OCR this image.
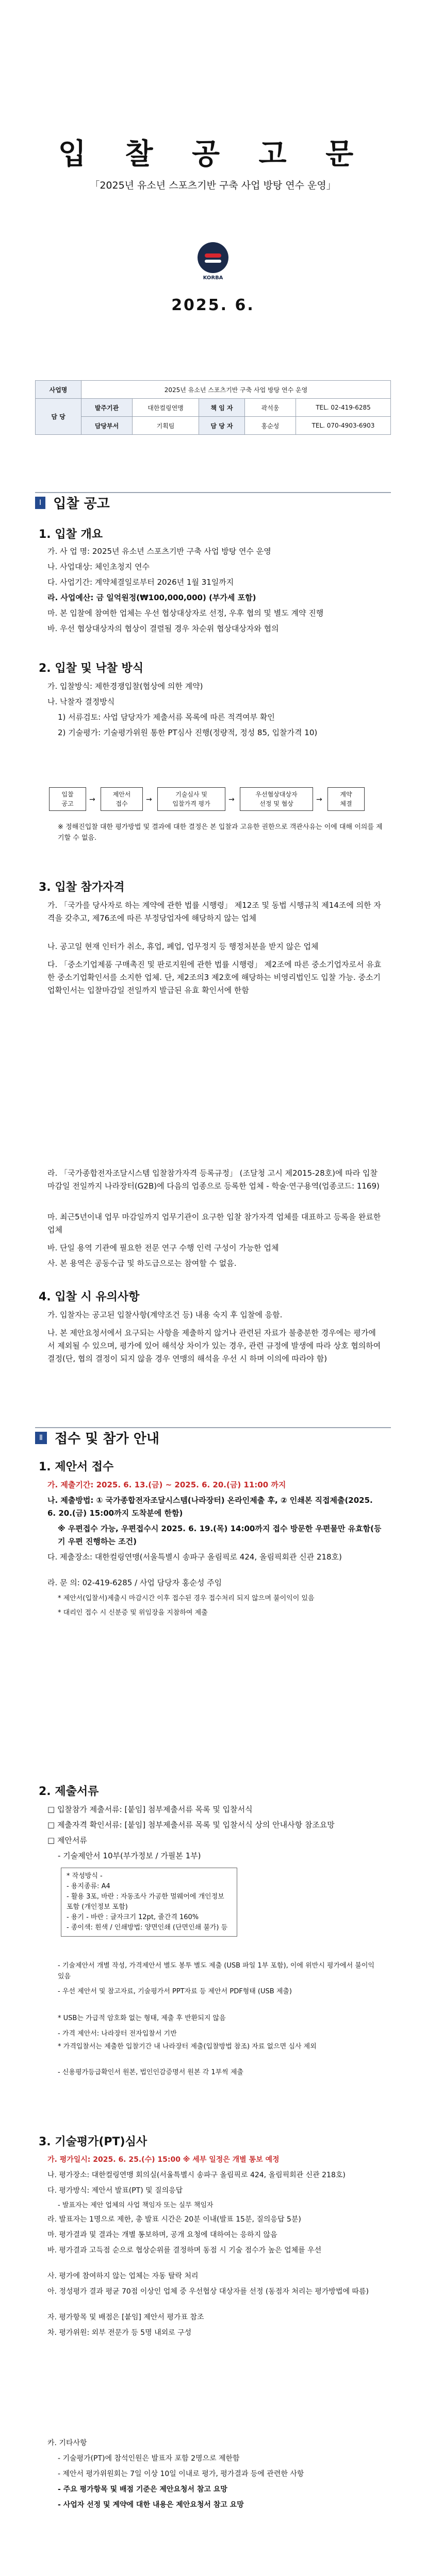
입 찰 공 고 문
「2025년 유소년 스포츠기반 구축 사업 방탕 연수 운영」
KORBA
2025. 6.
사업명	2025년 유소년 스포츠기반 구축 사업 방탕 연수 운영				
담 당	발주기관	대한컬링연맹	책 임 자	곽석웅	TEL. 02-419-6285
	담당부서	기획팀	담 당 자	홍순성	TEL. 070-4903-6903
Ⅰ 입찰 공고
1. 입찰 개요
가. 사 업 명: 2025년 유소년 스포츠기반 구축 사업 방탕 연수 운영
나. 사업대상: 체인초청지 연수
다. 사업기간: 계약체결일로부터 2026년 1월 31일까지
라. 사업예산: 금 일억원정(₩100,000,000) (부가세 포함)
마. 본 입찰에 참여한 업체는 우선 협상대상자로 선정, 우후 협의 및 별도 계약 진행
바. 우선 협상대상자의 협상이 결렬될 경우 차순위 협상대상자와 협의
2. 입찰 및 낙찰 방식
가. 입찰방식: 제한경쟁입찰(협상에 의한 계약)
나. 낙찰자 결정방식
1) 서류검토: 사업 담당자가 제출서류 목록에 따른 적격여부 확인
2) 기술평가: 기술평가위원 통한 PT심사 진행(정량적, 정성 85, 입찰가격 10)
입찰
공고	→
제안서
접수	→
기술심사 및
입찰가격 평가	→
우선협상대상자
선정 및 협상	→
계약
체결
※ 정해진입찰 대한 평가방법 및 결과에 대한 결정은 본 입찰과 고유한 권한으로 객관사유는 이에 대해 이의를 제기할 수 없음.
3. 입찰 참가자격
가. 「국가를 당사자로 하는 계약에 관한 법률 시행령」 제12조 및 동법 시행규칙 제14조에 의한 자격을 갖추고, 제76조에 따른 부정당업자에 해당하지 않는 업체
나. 공고일 현재 인터가 취소, 휴업, 폐업, 업무정지 등 행정처분을 받지 않은 업체
다. 「중소기업제품 구매촉진 및 판로지원에 관한 법률 시행령」 제2조에 따른 중소기업자로서 유효한 중소기업확인서를 소지한 업체. 단, 제2조의3 제2호에 해당하는 비영리법인도 입찰 가능. 중소기업확인서는 입찰마감일 전일까지 발급된 유효 확인서에 한함
라. 「국가종합전자조달시스템 입찰참가자격 등록규정」 (조달청 고시 제2015-28호)에 따라 입찰마감일 전일까지 나라장터(G2B)에 다음의 업종으로 등록한 업체 - 학술·연구용역(업종코드: 1169)
마. 최근5년이내 업무 마감일까지 업무기관이 요구한 입찰 참가자격 업체를 대표하고 등록을 완료한 업체
바. 단일 용역 기관에 필요한 전문 연구 수행 인력 구성이 가능한 업체
사. 본 용역은 공동수급 및 하도급으로는 참여할 수 없음.
4. 입찰 시 유의사항
가. 입찰자는 공고된 입찰사항(계약조건 등) 내용 숙지 후 입찰에 응함.
나. 본 제안요청서에서 요구되는 사항을 제출하지 않거나 관련된 자료가 불충분한 경우에는 평가에서 제외될 수 있으며, 평가에 있어 해석상 차이가 있는 경우, 관련 규정에 발생에 따라 상호 협의하여 결정(단, 협의 결정이 되지 않을 경우 연맹의 해석을 우선 시 하며 이의에 따라야 함)
Ⅱ 접수 및 참가 안내
1. 제안서 접수
가. 제출기간: 2025. 6. 13.(금) ~ 2025. 6. 20.(금) 11:00 까지
나. 제출방법: ① 국가종합전자조달시스템(나라장터) 온라인제출 후, ② 인쇄본 직접제출(2025. 6. 20.(금) 15:00까지 도착분에 한함)
※ 우편접수 가능, 우편접수시 2025. 6. 19.(목) 14:00까지 접수 방문한 우편물만 유효함(등기 우편 진행하는 조건)
다. 제출장소: 대한컬링연맹(서울특별시 송파구 올림픽로 424, 올림픽회관 신관 218호)
라. 문 의: 02-419-6285 / 사업 담당자 홍순성 주임
* 제안서(입찰서)제출시 마감시간 이후 접수된 경우 접수처리 되지 않으며 불이익이 있음
* 대리인 접수 시 신분증 및 위임장을 지참하여 제출
2. 제출서류
□ 입찰참가 제출서류: [붙임] 첨부제출서류 목록 및 입찰서식
□ 제출자격 확인서류: [붙임] 첨부제출서류 목록 및 입찰서식 상의 안내사항 참조요망
□ 제안서류
- 기술제안서 10부(부가정보 / 가필본 1부)
* 작성방식 -
- 용지종류: A4
- 활용 3포, 바란 : 자동조사 가공한 멀웨어에 개인정보 포함 (개인정보 포함)
- 용기 - 바란 : 글자크기 12pt, 줄간격 160%
- 종이색: 흰색 / 인쇄방법: 양면인쇄 (단면인쇄 불가) 등
- 기술제안서 개별 작성, 가격제안서 별도 봉투 별도 제출 (USB 파일 1부 포함), 이에 위반시 평가에서 불이익 있음
- 우선 제안서 및 참고자료, 기술평가서 PPT자료 등 제안서 PDF형태 (USB 제출)
* USB는 가급적 암호화 없는 형태, 제출 후 반환되지 않음
- 가격 제안서: 나라장터 전자입찰서 기반
* 가격입찰서는 제출한 입찰기간 내 나라장터 제출(입찰방법 참조) 자료 없으면 심사 제외
- 신용평가등급확인서 원본, 법인인감증명서 원본 각 1부씩 제출
3. 기술평가(PT)심사
가. 평가일시: 2025. 6. 25.(수) 15:00 ※ 세부 일정은 개별 통보 예정
나. 평가장소: 대한컬링연맹 회의실(서울특별시 송파구 올림픽로 424, 올림픽회관 신관 218호)
다. 평가방식: 제안서 발표(PT) 및 질의응답
- 발표자는 제안 업체의 사업 책임자 또는 실무 책임자
라. 발표자는 1명으로 제한, 총 발표 시간은 20분 이내(발표 15분, 질의응답 5분)
마. 평가결과 및 결과는 개별 통보하며, 공개 요청에 대하여는 응하지 않음
바. 평가결과 고득점 순으로 협상순위를 결정하며 동점 시 기술 점수가 높은 업체를 우선
사. 평가에 참여하지 않는 업체는 자동 탈락 처리
아. 정성평가 결과 평균 70점 이상인 업체 중 우선협상 대상자를 선정 (동점자 처리는 평가방법에 따름)
자. 평가항목 및 배점은 [붙임] 제안서 평가표 참조
차. 평가위원: 외부 전문가 등 5명 내외로 구성
카. 기타사항
- 기술평가(PT)에 참석인원은 발표자 포함 2명으로 제한함
- 제안서 평가위원회는 7일 이상 10일 이내로 평가, 평가결과 등에 관련한 사항
- 주요 평가항목 및 배점 기준은 제안요청서 참고 요망
- 사업자 선정 및 계약에 대한 내용은 제안요청서 참고 요망
